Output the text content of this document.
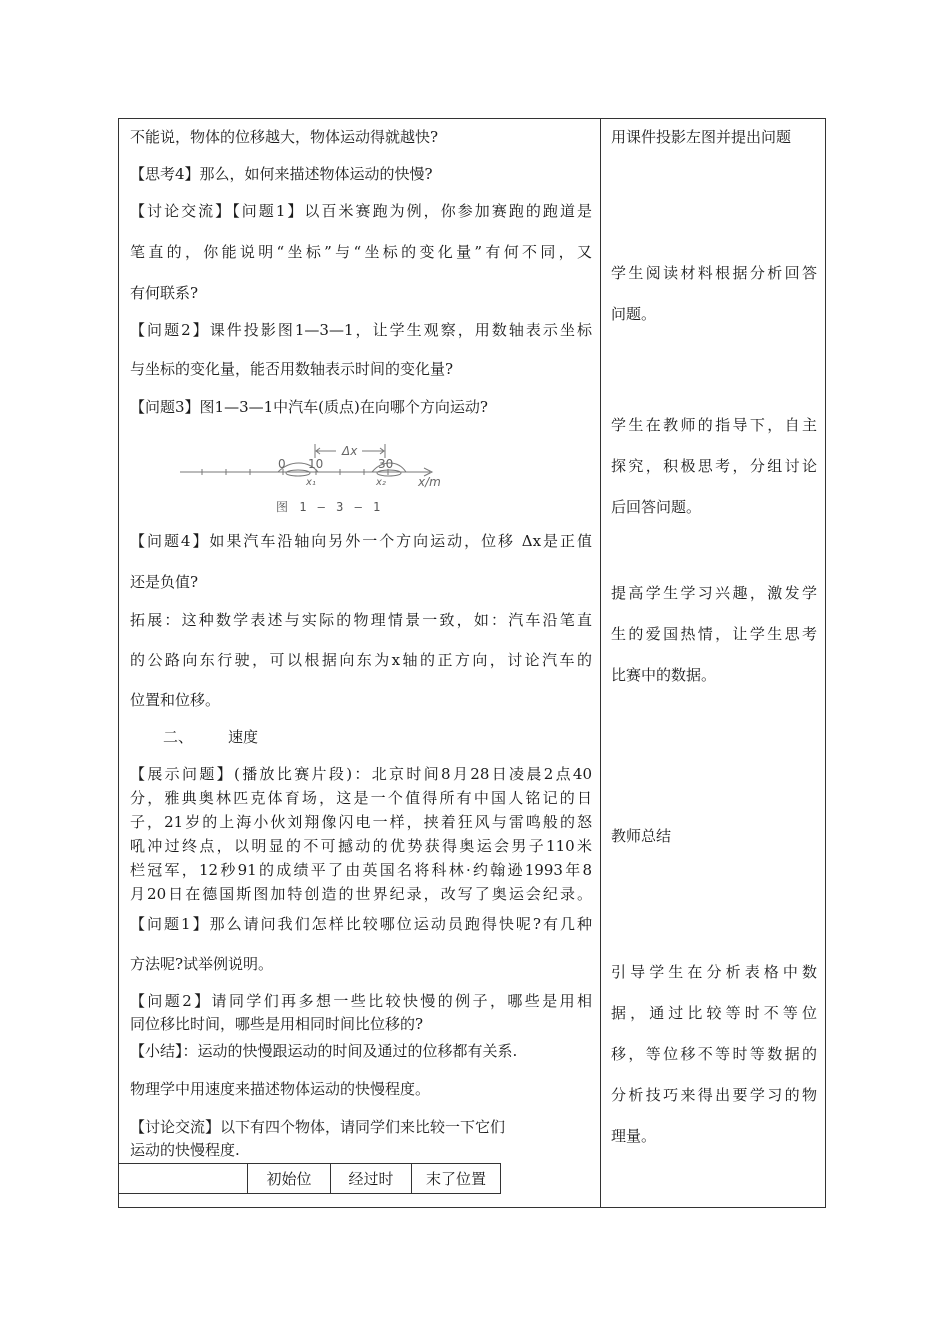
不能说，物体的位移越大，物体运动得就越快?
【思考4】那么，如何来描述物体运动的快慢?
【讨论交流】【问题1】以百米赛跑为例，你参加赛跑的跑道是
笔直的，你能说明“坐标”与“坐标的变化量”有何不同，又
有何联系?
【问题2】课件投影图1—3—1，让学生观察，用数轴表示坐标
与坐标的变化量，能否用数轴表示时间的变化量?
【问题3】图1—3—1中汽车(质点)在向哪个方向运动?
Δx
0 10	30
x₁	x₂	x/m
图 1 — 3 — 1
【问题4】如果汽车沿轴向另外一个方向运动，位移 Δx是正值
还是负值?
拓展：这种数学表述与实际的物理情景一致，如：汽车沿笔直
的公路向东行驶，可以根据向东为x轴的正方向，讨论汽车的
位置和位移。
二、 速度
【展示问题】(播放比赛片段)：北京时间8月28日凌晨2点40
分，雅典奥林匹克体育场，这是一个值得所有中国人铭记的日
子，21岁的上海小伙刘翔像闪电一样，挟着狂风与雷鸣般的怒
吼冲过终点，以明显的不可撼动的优势获得奥运会男子110米
栏冠军，12秒91的成绩平了由英国名将科林·约翰逊1993年8
月20日在德国斯图加特创造的世界纪录，改写了奥运会纪录。
【问题1】那么请问我们怎样比较哪位运动员跑得快呢?有几种
方法呢?试举例说明。
【问题2】请同学们再多想一些比较快慢的例子，哪些是用相
同位移比时间，哪些是用相同时间比位移的?
【小结】：运动的快慢跟运动的时间及通过的位移都有关系.
物理学中用速度来描述物体运动的快慢程度。
【讨论交流】以下有四个物体，请同学们来比较一下它们
运动的快慢程度.
用课件投影左图并提出问题
学生阅读材料根据分析回答
问题。
学生在教师的指导下，自主
探究，积极思考，分组讨论
后回答问题。
提高学生学习兴趣，激发学
生的爱国热情，让学生思考
比赛中的数据。
教师总结
引导学生在分析表格中数
据，通过比较等时不等位
移，等位移不等时等数据的
分析技巧来得出要学习的物
理量。
	初始位	经过时	末了位置
